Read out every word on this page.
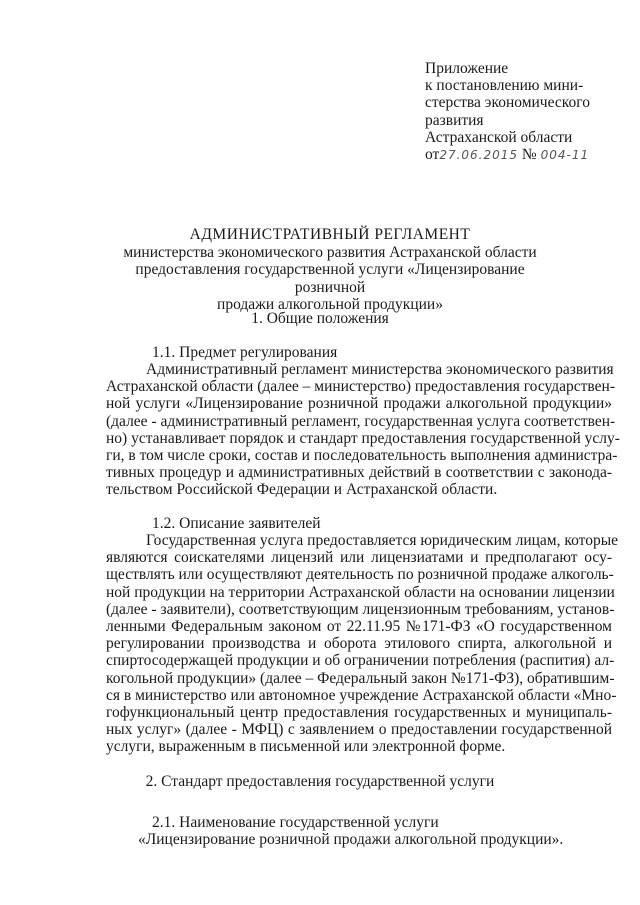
Приложение
к постановлению мини-
стерства экономического
развития
Астраханской области
от27.06.2015 № 004-11
АДМИНИСТРАТИВНЫЙ РЕГЛАМЕНТ
министерства экономического развития Астраханской области
предоставления государственной услуги «Лицензирование розничной
продажи алкогольной продукции»
1. Общие положения
1.1. Предмет регулирования
Административный регламент министерства экономического развития
Астраханской области (далее – министерство) предоставления государствен-
ной услуги «Лицензирование розничной продажи алкогольной продукции»
(далее - административный регламент, государственная услуга соответствен-
но) устанавливает порядок и стандарт предоставления государственной услу-
ги, в том числе сроки, состав и последовательность выполнения администра-
тивных процедур и административных действий в соответствии с законода-
тельством Российской Федерации и Астраханской области.
1.2. Описание заявителей
Государственная услуга предоставляется юридическим лицам, которые
являются соискателями лицензий или лицензиатами и предполагают осу-
ществлять или осуществляют деятельность по розничной продаже алкоголь-
ной продукции на территории Астраханской области на основании лицензии
(далее - заявители), соответствующим лицензионным требованиям, установ-
ленными Федеральным законом от 22.11.95 №171-ФЗ «О государственном
регулировании производства и оборота этилового спирта, алкогольной и
спиртосодержащей продукции и об ограничении потребления (распития) ал-
когольной продукции» (далее – Федеральный закон №171-ФЗ), обратившим-
ся в министерство или автономное учреждение Астраханской области «Мно-
гофункциональный центр предоставления государственных и муниципаль-
ных услуг» (далее - МФЦ) с заявлением о предоставлении государственной
услуги, выраженным в письменной или электронной форме.
2. Стандарт предоставления государственной услуги
2.1. Наименование государственной услуги
«Лицензирование розничной продажи алкогольной продукции».
